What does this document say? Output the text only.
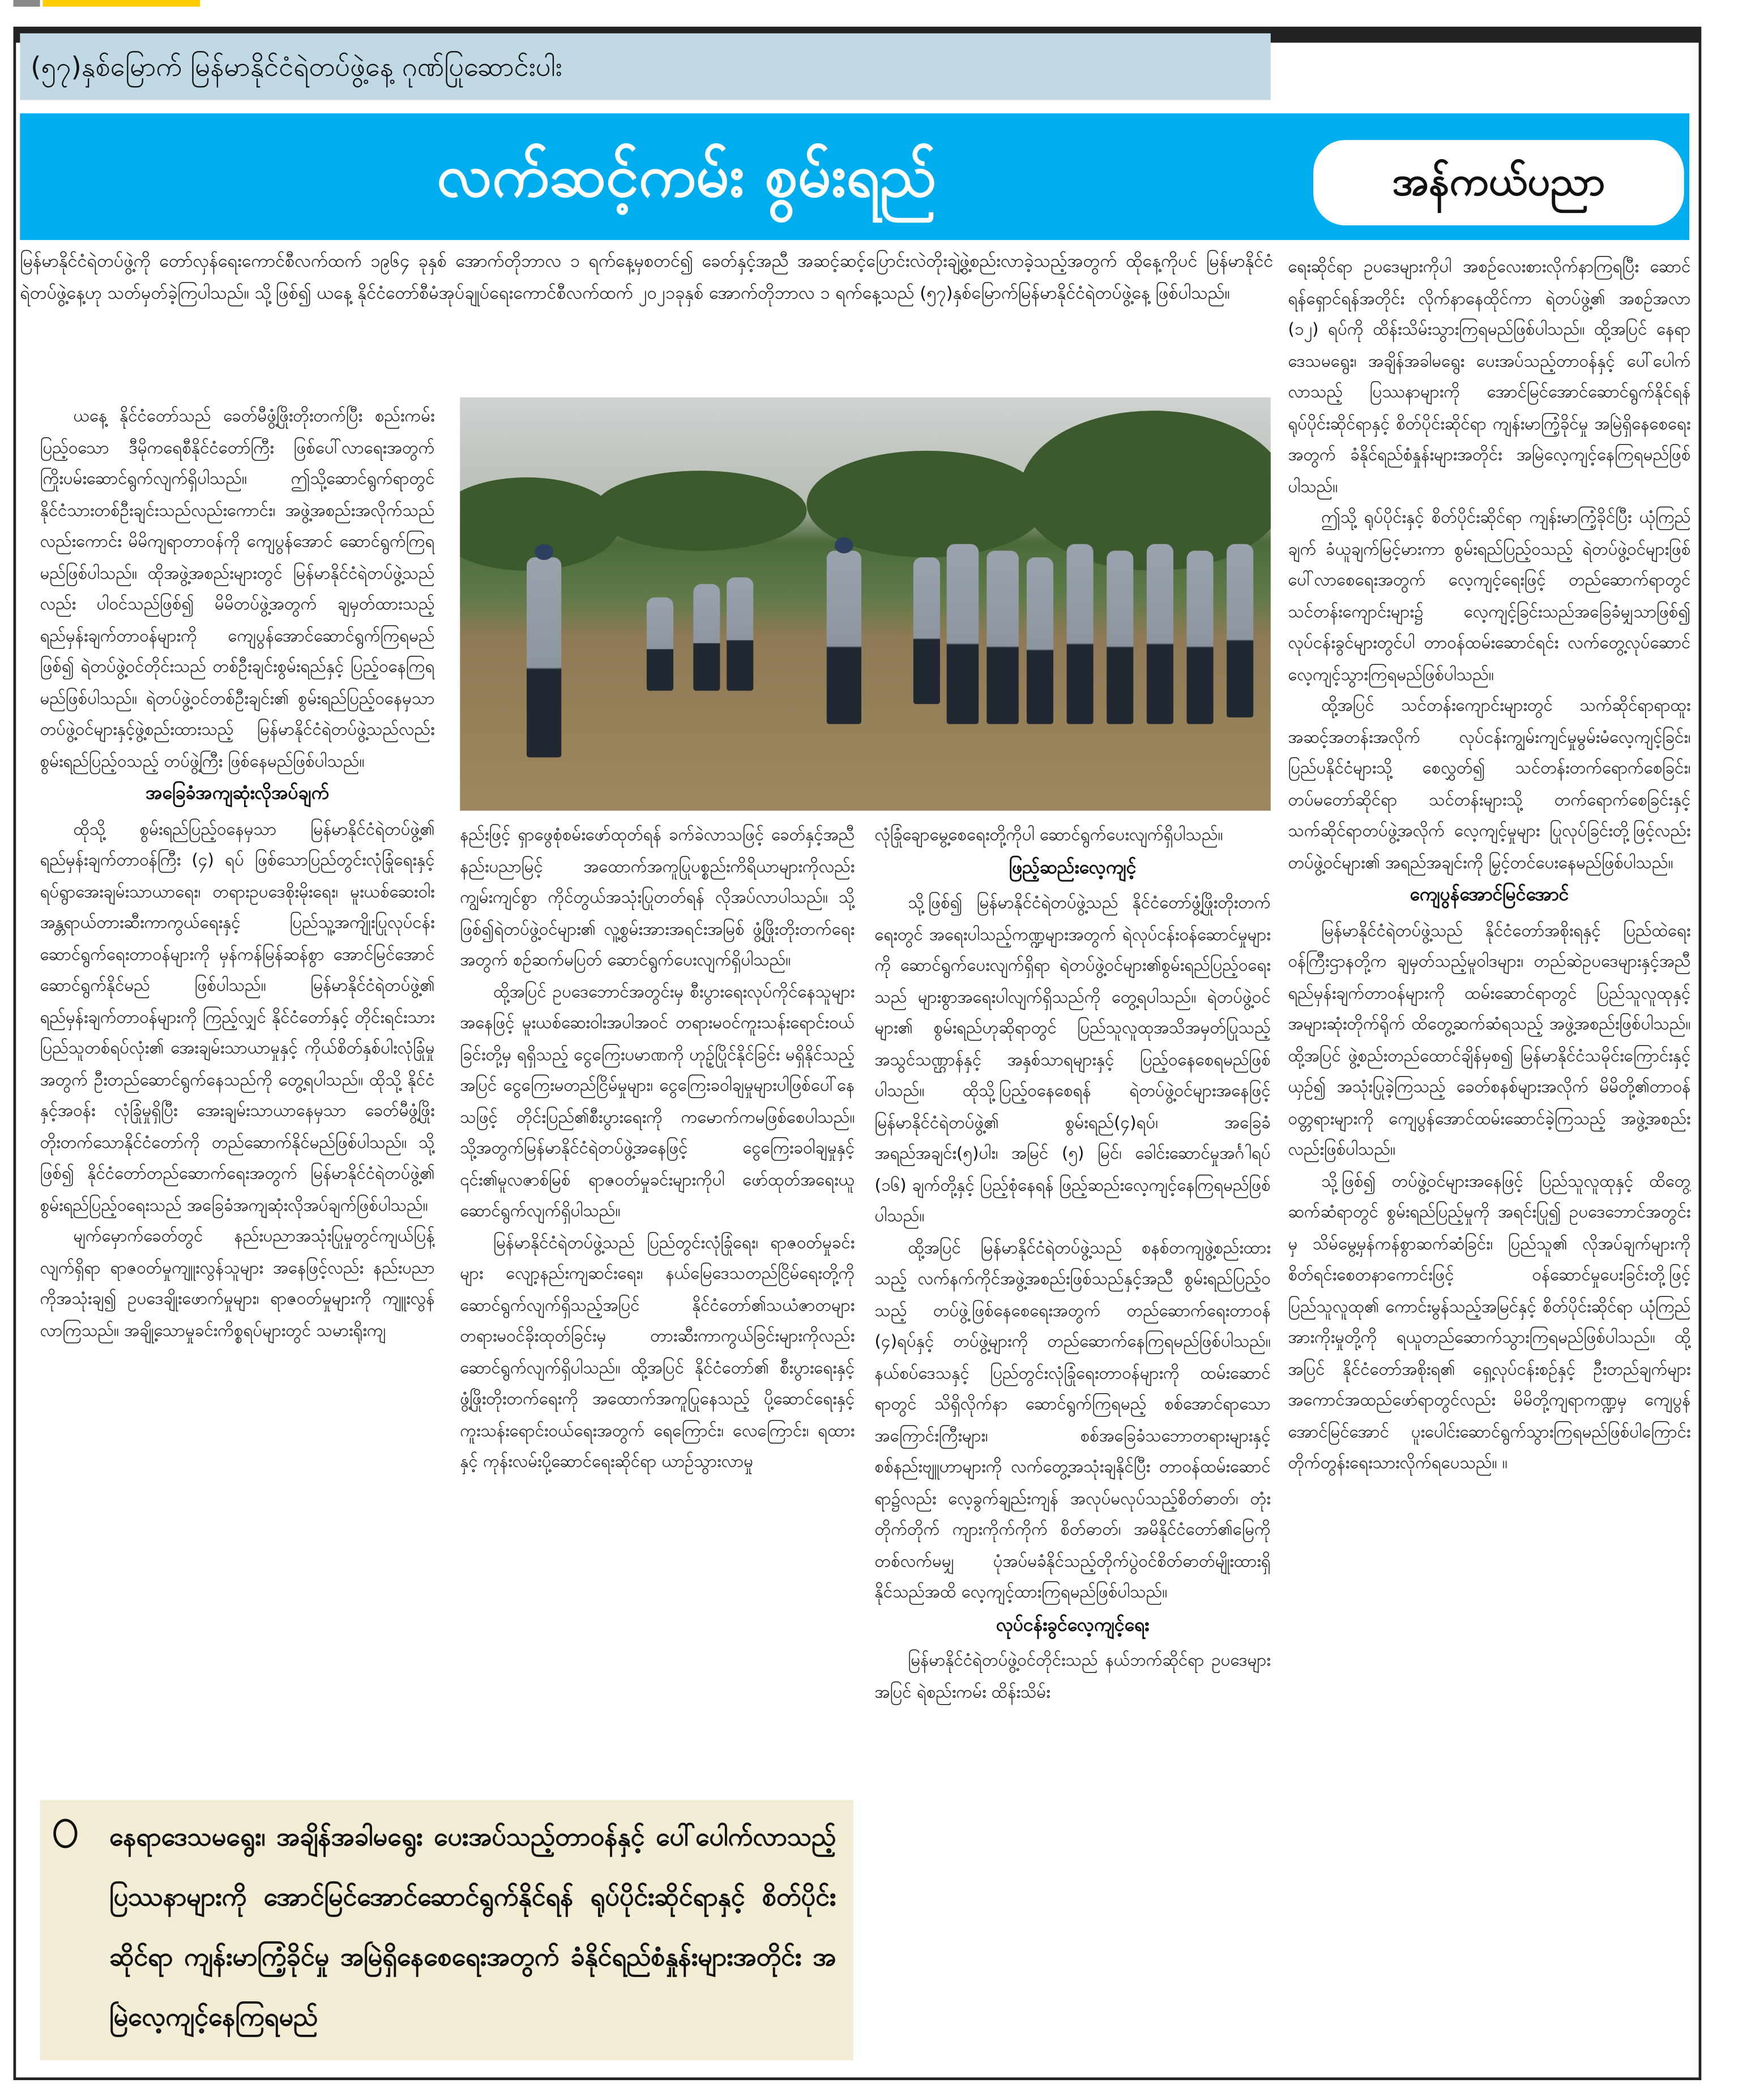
(၅၇)နှစ်မြောက် မြန်မာနိုင်ငံရဲတပ်ဖွဲ့နေ့ ဂုဏ်ပြုဆောင်းပါး
လက်ဆင့်ကမ်း စွမ်းရည်	အန်ကယ်ပညာ

မြန်မာနိုင်ငံရဲတပ်ဖွဲ့ကို တော်လှန်ရေးကောင်စီလက်ထက် ၁၉၆၄ ခုနှစ် အောက်တိုဘာလ ၁ ရက်နေ့မှစတင်၍ ခေတ်နှင့်အညီ အဆင့်ဆင့်ပြောင်းလဲတိုးချဲ့ဖွဲ့စည်းလာခဲ့သည့်အတွက် ထိုနေ့ကိုပင် မြန်မာနိုင်ငံရဲတပ်ဖွဲ့နေ့ဟု သတ်မှတ်ခဲ့ကြပါသည်။ သို့ဖြစ်၍ ယနေ့ နိုင်ငံတော်စီမံအုပ်ချုပ်ရေးကောင်စီလက်ထက် ၂၀၂၁ခုနှစ် အောက်တိုဘာလ ၁ ရက်နေ့သည် (၅၇)နှစ်မြောက်မြန်မာနိုင်ငံရဲတပ်ဖွဲ့နေ့ ဖြစ်ပါသည်။

ယနေ့ နိုင်ငံတော်သည် ခေတ်မီဖွံ့ဖြိုးတိုးတက်ပြီး စည်းကမ်းပြည့်ဝသော ဒီမိုကရေစီနိုင်ငံတော်ကြီး ဖြစ်ပေါ်လာရေးအတွက် ကြိုးပမ်းဆောင်ရွက်လျက်ရှိပါသည်။ ဤသို့ဆောင်ရွက်ရာတွင် နိုင်ငံသားတစ်ဦးချင်းသည်လည်းကောင်း၊ အဖွဲ့အစည်းအလိုက်သည်လည်းကောင်း မိမိကျရာတာဝန်ကို ကျေပွန်အောင် ဆောင်ရွက်ကြရမည်ဖြစ်ပါသည်။ ထိုအဖွဲ့အစည်းများတွင် မြန်မာနိုင်ငံရဲတပ်ဖွဲ့သည်လည်း ပါဝင်သည်ဖြစ်၍ မိမိတပ်ဖွဲ့အတွက် ချမှတ်ထားသည့် ရည်မှန်းချက်တာဝန်များကို ကျေပွန်အောင်ဆောင်ရွက်ကြရမည်ဖြစ်၍ ရဲတပ်ဖွဲ့ဝင်တိုင်းသည် တစ်ဦးချင်းစွမ်းရည်နှင့် ပြည့်ဝနေကြရမည်ဖြစ်ပါသည်။ ရဲတပ်ဖွဲ့ဝင်တစ်ဦးချင်း၏ စွမ်းရည်ပြည့်ဝနေမှသာ တပ်ဖွဲ့ဝင်များနှင့်ဖွဲ့စည်းထားသည့် မြန်မာနိုင်ငံရဲတပ်ဖွဲ့သည်လည်း စွမ်းရည်ပြည့်ဝသည့် တပ်ဖွဲ့ကြီး ဖြစ်နေမည်ဖြစ်ပါသည်။

အခြေခံအကျဆုံးလိုအပ်ချက်

ထိုသို့ စွမ်းရည်ပြည့်ဝနေမှသာ မြန်မာနိုင်ငံရဲတပ်ဖွဲ့၏ ရည်မှန်းချက်တာဝန်ကြီး (၄) ရပ် ဖြစ်သောပြည်တွင်းလုံခြုံရေးနှင့် ရပ်ရွာအေးချမ်းသာယာရေး၊ တရားဥပဒေစိုးမိုးရေး၊ မူးယစ်ဆေးဝါးအန္တရာယ်တားဆီးကာကွယ်ရေးနှင့် ပြည်သူ့အကျိုးပြုလုပ်ငန်းဆောင်ရွက်ရေးတာဝန်များကို မှန်ကန်မြန်ဆန်စွာ အောင်မြင်အောင်ဆောင်ရွက်နိုင်မည် ဖြစ်ပါသည်။ မြန်မာနိုင်ငံရဲတပ်ဖွဲ့၏ ရည်မှန်းချက်တာဝန်များကို ကြည့်လျှင် နိုင်ငံတော်နှင့် တိုင်းရင်းသားပြည်သူတစ်ရပ်လုံး၏ အေးချမ်းသာယာမှုနှင့် ကိုယ်စိတ်နှစ်ပါးလုံခြုံမှုအတွက် ဦးတည်ဆောင်ရွက်နေသည်ကို တွေ့ရပါသည်။ ထိုသို့ နိုင်ငံနှင့်အဝန်း လုံခြုံမှုရှိပြီး အေးချမ်းသာယာနေမှသာ ခေတ်မီဖွံ့ဖြိုးတိုးတက်သောနိုင်ငံတော်ကို တည်ဆောက်နိုင်မည်ဖြစ်ပါသည်။ သို့ဖြစ်၍ နိုင်ငံတော်တည်ဆောက်ရေးအတွက် မြန်မာနိုင်ငံရဲတပ်ဖွဲ့၏ စွမ်းရည်ပြည့်ဝရေးသည် အခြေခံအကျဆုံးလိုအပ်ချက်ဖြစ်ပါသည်။

မျက်မှောက်ခေတ်တွင် နည်းပညာအသုံးပြုမှုတွင်ကျယ်ပြန့်လျက်ရှိရာ ရာဇဝတ်မှုကျူးလွန်သူများ အနေဖြင့်လည်း နည်းပညာကိုအသုံးချ၍ ဥပဒေချိုးဖောက်မှုများ၊ ရာဇဝတ်မှုများကို ကျူးလွန်လာကြသည်။ အချို့သောမှုခင်းကိစ္စရပ်များတွင် သမားရိုးကျ

နည်းဖြင့် ရှာဖွေစုံစမ်းဖော်ထုတ်ရန် ခက်ခဲလာသဖြင့် ခေတ်နှင့်အညီ နည်းပညာမြင့် အထောက်အကူပြုပစ္စည်းကိရိယာများကိုလည်း ကျွမ်းကျင်စွာ ကိုင်တွယ်အသုံးပြုတတ်ရန် လိုအပ်လာပါသည်။ သို့ဖြစ်၍ရဲတပ်ဖွဲ့ဝင်များ၏ လူ့စွမ်းအားအရင်းအမြစ် ဖွံ့ဖြိုးတိုးတက်ရေးအတွက် စဉ်ဆက်မပြတ် ဆောင်ရွက်ပေးလျက်ရှိပါသည်။

ထို့အပြင် ဥပဒေဘောင်အတွင်းမှ စီးပွားရေးလုပ်ကိုင်နေသူများအနေဖြင့် မူးယစ်ဆေးဝါးအပါအဝင် တရားမဝင်ကူးသန်းရောင်းဝယ်ခြင်းတို့မှ ရရှိသည့် ငွေကြေးပမာဏကို ဟုဉ့်ပြိုင်နိုင်ခြင်း မရှိနိုင်သည့်အပြင် ငွေကြေးမတည်ငြိမ်မှုများ၊ ငွေကြေးခဝါချမှုများပါဖြစ်ပေါ်နေသဖြင့် တိုင်းပြည်၏စီးပွားရေးကို ကမောက်ကမဖြစ်စေပါသည်။ သို့အတွက်မြန်မာနိုင်ငံရဲတပ်ဖွဲ့အနေဖြင့် ငွေကြေးခဝါချမှုနှင့် ၎င်း၏မူလဇာစ်မြစ် ရာဇဝတ်မှုခင်းများကိုပါ ဖော်ထုတ်အရေးယူဆောင်ရွက်လျက်ရှိပါသည်။

မြန်မာနိုင်ငံရဲတပ်ဖွဲ့သည် ပြည်တွင်းလုံခြုံရေး၊ ရာဇဝတ်မှုခင်းများ လျော့နည်းကျဆင်းရေး၊ နယ်မြေဒေသတည်ငြိမ်ရေးတို့ကို ဆောင်ရွက်လျက်ရှိသည့်အပြင် နိုင်ငံတော်၏သယံဇာတများ တရားမဝင်ခိုးထုတ်ခြင်းမှ တားဆီးကာကွယ်ခြင်းများကိုလည်း ဆောင်ရွက်လျက်ရှိပါသည်။ ထို့အပြင် နိုင်ငံတော်၏ စီးပွားရေးနှင့် ဖွံ့ဖြိုးတိုးတက်ရေးကို အထောက်အကူပြုနေသည့် ပို့ဆောင်ရေးနှင့် ကူးသန်းရောင်းဝယ်ရေးအတွက် ရေကြောင်း၊ လေကြောင်း၊ ရထားနှင့် ကုန်းလမ်းပို့ဆောင်ရေးဆိုင်ရာ ယာဉ်သွားလာမှု

လုံခြုံချောမွေ့စေရေးတို့ကိုပါ ဆောင်ရွက်ပေးလျက်ရှိပါသည်။

ဖြည့်ဆည်းလေ့ကျင့်

သို့ဖြစ်၍ မြန်မာနိုင်ငံရဲတပ်ဖွဲ့သည် နိုင်ငံတော်ဖွံ့ဖြိုးတိုးတက်ရေးတွင် အရေးပါသည့်ကဏ္ဍများအတွက် ရဲလုပ်ငန်းဝန်ဆောင်မှုများကို ဆောင်ရွက်ပေးလျက်ရှိရာ ရဲတပ်ဖွဲ့ဝင်များ၏စွမ်းရည်ပြည့်ဝရေးသည် များစွာအရေးပါလျက်ရှိသည်ကို တွေ့ရပါသည်။ ရဲတပ်ဖွဲ့ဝင်များ၏ စွမ်းရည်ဟုဆိုရာတွင် ပြည်သူလူထုအသိအမှတ်ပြုသည့် အသွင်သဏ္ဌာန်နှင့် အနှစ်သာရများနှင့် ပြည့်ဝနေစေရမည်ဖြစ်ပါသည်။ ထိုသို့ပြည့်ဝနေစေရန် ရဲတပ်ဖွဲ့ဝင်များအနေဖြင့် မြန်မာနိုင်ငံရဲတပ်ဖွဲ့၏ စွမ်းရည်(၄)ရပ်၊ အခြေခံအရည်အချင်း(၅)ပါး၊ အမြင် (၅) မြင်၊ ခေါင်းဆောင်မှုအင်္ဂါရပ် (၁၆) ချက်တို့နှင့် ပြည့်စုံနေရန် ဖြည့်ဆည်းလေ့ကျင့်နေကြရမည်ဖြစ်ပါသည်။

ထို့အပြင် မြန်မာနိုင်ငံရဲတပ်ဖွဲ့သည် စနစ်တကျဖွဲ့စည်းထားသည့် လက်နက်ကိုင်အဖွဲ့အစည်းဖြစ်သည်နှင့်အညီ စွမ်းရည်ပြည့်ဝသည့် တပ်ဖွဲ့ဖြစ်နေစေရေးအတွက် တည်ဆောက်ရေးတာဝန် (၄)ရပ်နှင့် တပ်ဖွဲ့များကို တည်ဆောက်နေကြရမည်ဖြစ်ပါသည်။ နယ်စပ်ဒေသနှင့် ပြည်တွင်းလုံခြုံရေးတာဝန်များကို ထမ်းဆောင်ရာတွင် သိရှိလိုက်နာ ဆောင်ရွက်ကြရမည့် စစ်အောင်ရာသောအကြောင်းကြီးများ၊ စစ်အခြေခံသဘောတရားများနှင့် စစ်နည်းဗျူဟာများကို လက်တွေ့အသုံးချနိုင်ပြီး တာဝန်ထမ်းဆောင်ရာ၌လည်း လေ့ခွက်ချည်းကျန် အလုပ်မလုပ်သည့်စိတ်ဓာတ်၊ တုံးတိုက်တိုက် ကျားကိုက်ကိုက် စိတ်ဓာတ်၊ အမိနိုင်ငံတော်၏မြေကို တစ်လက်မမျှ ပုံအပ်မခံနိုင်သည့်တိုက်ပွဲဝင်စိတ်ဓာတ်မျိုးထားရှိနိုင်သည်အထိ လေ့ကျင့်ထားကြရမည်ဖြစ်ပါသည်။

လုပ်ငန်းခွင်လေ့ကျင့်ရေး

မြန်မာနိုင်ငံရဲတပ်ဖွဲ့ဝင်တိုင်းသည် နယ်ဘက်ဆိုင်ရာ ဥပဒေများအပြင် ရဲစည်းကမ်း ထိန်းသိမ်း

ရေးဆိုင်ရာ ဥပဒေများကိုပါ အစဉ်လေးစားလိုက်နာကြရပြီး ဆောင်ရန်ရှောင်ရန်အတိုင်း လိုက်နာနေထိုင်ကာ ရဲတပ်ဖွဲ့၏ အစဉ်အလာ (၁၂) ရပ်ကို ထိန်းသိမ်းသွားကြရမည်ဖြစ်ပါသည်။ ထို့အပြင် နေရာဒေသမရွေး၊ အချိန်အခါမရွေး ပေးအပ်သည့်တာဝန်နှင့် ပေါ်ပေါက်လာသည့် ပြဿနာများကို အောင်မြင်အောင်ဆောင်ရွက်နိုင်ရန် ရုပ်ပိုင်းဆိုင်ရာနှင့် စိတ်ပိုင်းဆိုင်ရာ ကျန်းမာကြံ့ခိုင်မှု အမြဲရှိနေစေရေးအတွက် ခံနိုင်ရည်စံနှုန်းများအတိုင်း အမြဲလေ့ကျင့်နေကြရမည်ဖြစ်ပါသည်။

ဤသို့ ရုပ်ပိုင်းနှင့် စိတ်ပိုင်းဆိုင်ရာ ကျန်းမာကြံ့ခိုင်ပြီး ယုံကြည်ချက် ခံယူချက်မြင့်မားကာ စွမ်းရည်ပြည့်ဝသည့် ရဲတပ်ဖွဲ့ဝင်များဖြစ်ပေါ်လာစေရေးအတွက် လေ့ကျင့်ရေးဖြင့် တည်ဆောက်ရာတွင် သင်တန်းကျောင်းများ၌ လေ့ကျင့်ခြင်းသည်အခြေခံမျှသာဖြစ်၍ လုပ်ငန်းခွင်များတွင်ပါ တာဝန်ထမ်းဆောင်ရင်း လက်တွေ့လုပ်ဆောင် လေ့ကျင့်သွားကြရမည်ဖြစ်ပါသည်။

ထို့အပြင် သင်တန်းကျောင်းများတွင် သက်ဆိုင်ရာရာထူးအဆင့်အတန်းအလိုက် လုပ်ငန်းကျွမ်းကျင်မှုမွမ်းမံလေ့ကျင့်ခြင်း၊ ပြည်ပနိုင်ငံများသို့ စေလွှတ်၍ သင်တန်းတက်ရောက်စေခြင်း၊ တပ်မတော်ဆိုင်ရာ သင်တန်းများသို့ တက်ရောက်စေခြင်းနှင့် သက်ဆိုင်ရာတပ်ဖွဲ့အလိုက် လေ့ကျင့်မှုများ ပြုလုပ်ခြင်းတို့ဖြင့်လည်း တပ်ဖွဲ့ဝင်များ၏ အရည်အချင်းကို မြှင့်တင်ပေးနေမည်ဖြစ်ပါသည်။

ကျေပွန်အောင်မြင်အောင်

မြန်မာနိုင်ငံရဲတပ်ဖွဲ့သည် နိုင်ငံတော်အစိုးရနှင့် ပြည်ထဲရေးဝန်ကြီးဌာနတို့က ချမှတ်သည့်မူဝါဒများ၊ တည်ဆဲဥပဒေများနှင့်အညီ ရည်မှန်းချက်တာဝန်များကို ထမ်းဆောင်ရာတွင် ပြည်သူလူထုနှင့်အများဆုံးတိုက်ရိုက် ထိတွေ့ဆက်ဆံရသည့် အဖွဲ့အစည်းဖြစ်ပါသည်။ ထို့အပြင် ဖွဲ့စည်းတည်ထောင်ချိန်မှစ၍ မြန်မာနိုင်ငံသမိုင်းကြောင်းနှင့်ယှဉ်၍ အသုံးပြုခဲ့ကြသည့် ခေတ်စနစ်များအလိုက် မိမိတို့၏တာဝန်ဝတ္တရားများကို ကျေပွန်အောင်ထမ်းဆောင်ခဲ့ကြသည့် အဖွဲ့အစည်းလည်းဖြစ်ပါသည်။

သို့ဖြစ်၍ တပ်ဖွဲ့ဝင်များအနေဖြင့် ပြည်သူလူထုနှင့် ထိတွေ့ဆက်ဆံရာတွင် စွမ်းရည်ပြည့်မှုကို အရင်းပြု၍ ဥပဒေဘောင်အတွင်းမှ သိမ်မွေ့မှန်ကန်စွာဆက်ဆံခြင်း၊ ပြည်သူ၏ လိုအပ်ချက်များကို စိတ်ရင်းစေတနာကောင်းဖြင့် ဝန်ဆောင်မှုပေးခြင်းတို့ဖြင့် ပြည်သူလူထု၏ ကောင်းမွန်သည့်အမြင်နှင့် စိတ်ပိုင်းဆိုင်ရာ ယုံကြည်အားကိုးမှုတို့ကို ရယူတည်ဆောက်သွားကြရမည်ဖြစ်ပါသည်။ ထို့အပြင် နိုင်ငံတော်အစိုးရ၏ ရှေ့လုပ်ငန်းစဉ်နှင့် ဦးတည်ချက်များ အကောင်အထည်ဖော်ရာတွင်လည်း မိမိတို့ကျရာကဏ္ဍမှ ကျေပွန်အောင်မြင်အောင် ပူးပေါင်းဆောင်ရွက်သွားကြရမည်ဖြစ်ပါကြောင်း တိုက်တွန်းရေးသားလိုက်ရပေသည်။ ။

နေရာဒေသမရွေး၊ အချိန်အခါမရွေး ပေးအပ်သည့်တာဝန်နှင့် ပေါ်ပေါက်လာသည့် ပြဿနာများကို အောင်မြင်အောင်ဆောင်ရွက်နိုင်ရန် ရုပ်ပိုင်းဆိုင်ရာနှင့် စိတ်ပိုင်းဆိုင်ရာ ကျန်းမာကြံ့ခိုင်မှု အမြဲရှိနေစေရေးအတွက် ခံနိုင်ရည်စံနှုန်းများအတိုင်း အမြဲလေ့ကျင့်နေကြရမည်
